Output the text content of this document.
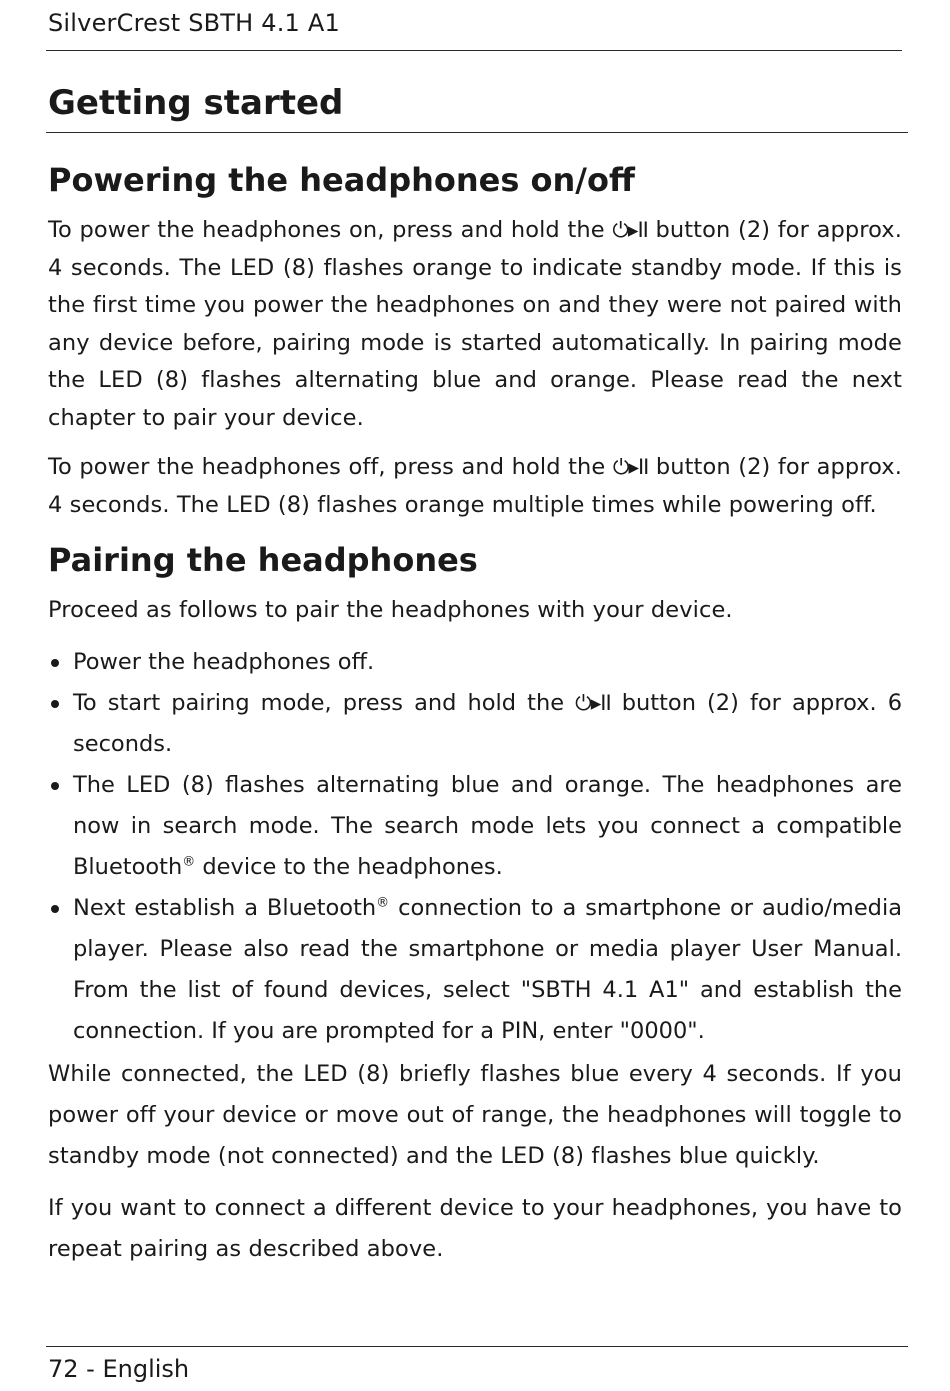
SilverCrest SBTH 4.1 A1
Getting started
Powering the headphones on/off

To power the headphones on, press and hold the ⏻▸II button (2) for approx. 4 seconds. The LED (8) flashes orange to indicate standby mode. If this is the first time you power the headphones on and they were not paired with any device before, pairing mode is started automatically. In pairing mode the LED (8) flashes alternating blue and orange. Please read the next chapter to pair your device.

To power the headphones off, press and hold the ⏻▸II button (2) for approx. 4 seconds. The LED (8) flashes orange multiple times while powering off.

Pairing the headphones

Proceed as follows to pair the headphones with your device.

Power the headphones off.
To start pairing mode, press and hold the ⏻▸II button (2) for approx. 6 seconds.
The LED (8) flashes alternating blue and orange. The headphones are now in search mode. The search mode lets you connect a compatible Bluetooth® device to the headphones.
Next establish a Bluetooth® connection to a smartphone or audio/media player. Please also read the smartphone or media player User Manual. From the list of found devices, select "SBTH 4.1 A1" and establish the connection. If you are prompted for a PIN, enter "0000".

While connected, the LED (8) briefly flashes blue every 4 seconds. If you power off your device or move out of range, the headphones will toggle to standby mode (not connected) and the LED (8) flashes blue quickly.

If you want to connect a different device to your headphones, you have to repeat pairing as described above.

72 - English
